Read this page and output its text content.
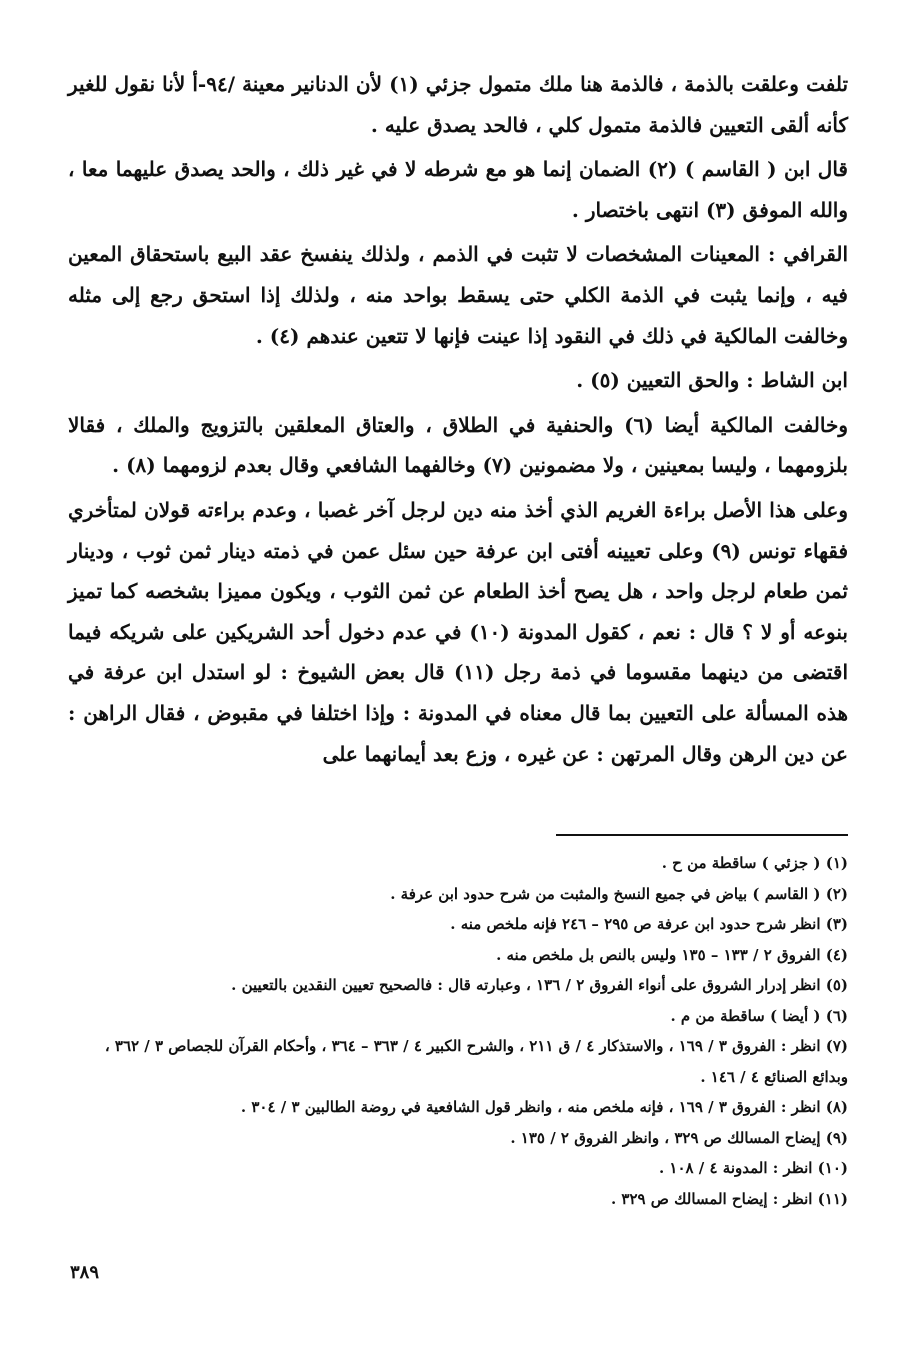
تلفت وعلقت بالذمة ، فالذمة هنا ملك متمول جزئي (١) لأن الدنانير معينة /٩٤-أ لأنا نقول للغير كأنه ألقى التعيين فالذمة متمول كلي ، فالحد يصدق عليه .

قال ابن ( القاسم ) (٢) الضمان إنما هو مع شرطه لا في غير ذلك ، والحد يصدق عليهما معا ، والله الموفق (٣) انتهى باختصار .

القرافي : المعينات المشخصات لا تثبت في الذمم ، ولذلك ينفسخ عقد البيع باستحقاق المعين فيه ، وإنما يثبت في الذمة الكلي حتى يسقط بواحد منه ، ولذلك إذا استحق رجع إلى مثله وخالفت المالكية في ذلك في النقود إذا عينت فإنها لا تتعين عندهم (٤) .

ابن الشاط : والحق التعيين (٥) .

وخالفت المالكية أيضا (٦) والحنفية في الطلاق ، والعتاق المعلقين بالتزويج والملك ، فقالا بلزومهما ، وليسا بمعينين ، ولا مضمونين (٧) وخالفهما الشافعي وقال بعدم لزومهما (٨) .

وعلى هذا الأصل براءة الغريم الذي أخذ منه دين لرجل آخر غصبا ، وعدم براءته قولان لمتأخري فقهاء تونس (٩) وعلى تعيينه أفتى ابن عرفة حين سئل عمن في ذمته دينار ثمن ثوب ، ودينار ثمن طعام لرجل واحد ، هل يصح أخذ الطعام عن ثمن الثوب ، ويكون مميزا بشخصه كما تميز بنوعه أو لا ؟ قال : نعم ، كقول المدونة (١٠) في عدم دخول أحد الشريكين على شريكه فيما اقتضى من دينهما مقسوما في ذمة رجل (١١) قال بعض الشيوخ : لو استدل ابن عرفة في هذه المسألة على التعيين بما قال معناه في المدونة : وإذا اختلفا في مقبوض ، فقال الراهن : عن دين الرهن وقال المرتهن : عن غيره ، وزع بعد أيمانهما على

(١) ( جزئي ) ساقطة من ح .
(٢) ( القاسم ) بياض في جميع النسخ والمثبت من شرح حدود ابن عرفة .
(٣) انظر شرح حدود ابن عرفة ص ٢٩٥ – ٢٤٦ فإنه ملخص منه .
(٤) الفروق ٢ / ١٣٣ – ١٣٥ وليس بالنص بل ملخص منه .
(٥) انظر إدرار الشروق على أنواء الفروق ٢ / ١٣٦ ، وعبارته قال : فالصحيح تعيين النقدين بالتعيين .
(٦) ( أيضا ) ساقطة من م .
(٧) انظر : الفروق ٣ / ١٦٩ ، والاستذكار ٤ / ق ٢١١ ، والشرح الكبير ٤ / ٣٦٣ – ٣٦٤ ، وأحكام القرآن للجصاص ٣ / ٣٦٢ ، وبدائع الصنائع ٤ / ١٤٦ .
(٨) انظر : الفروق ٣ / ١٦٩ ، فإنه ملخص منه ، وانظر قول الشافعية في روضة الطالبين ٣ / ٣٠٤ .
(٩) إيضاح المسالك ص ٣٢٩ ، وانظر الفروق ٢ / ١٣٥ .
(١٠) انظر : المدونة ٤ / ١٠٨ .
(١١) انظر : إيضاح المسالك ص ٣٢٩ .
٣٨٩
